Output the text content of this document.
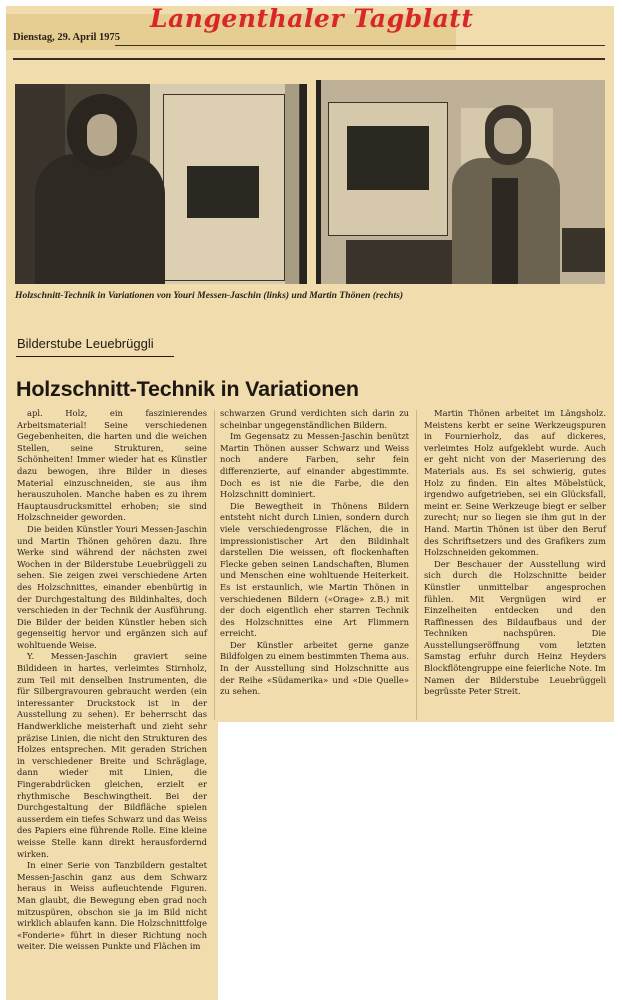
Langenthaler Tagblatt
Dienstag, 29. April 1975
Holzschnitt-Technik in Variationen von Youri Messen-Jaschin (links) und Martin Thönen (rechts)
Bilderstube Leuebrüggli
Holzschnitt-Technik in Variationen

apl. Holz, ein faszinierendes Arbeitsmaterial! Seine verschiedenen Gegebenheiten, die harten und die weichen Stellen, seine Strukturen, seine Schönheiten! Immer wieder hat es Künstler dazu bewogen, ihre Bilder in dieses Material einzuschneiden, sie aus ihm herauszuholen. Manche haben es zu ihrem Hauptausdrucksmittel erhoben; sie sind Holzschneider geworden.

Die beiden Künstler Youri Messen-Jaschin und Martin Thönen gehören dazu. Ihre Werke sind während der nächsten zwei Wochen in der Bilderstube Leuebrüggeli zu sehen. Sie zeigen zwei verschiedene Arten des Holzschnittes, einander ebenbürtig in der Durchgestaltung des Bildinhaltes, doch verschieden in der Technik der Ausführung. Die Bilder der beiden Künstler heben sich gegenseitig hervor und ergänzen sich auf wohltuende Weise.

Y. Messen-Jaschin graviert seine Bildideen in hartes, verleimtes Stirnholz, zum Teil mit denselben Instrumenten, die für Silbergravouren gebraucht werden (ein interessanter Druckstock ist in der Ausstellung zu sehen). Er beherrscht das Handwerkliche meisterhaft und zieht sehr präzise Linien, die nicht den Strukturen des Holzes entsprechen. Mit geraden Strichen in verschiedener Breite und Schräglage, dann wieder mit Linien, die Fingerabdrücken gleichen, erzielt er rhythmische Beschwingtheit. Bei der Durchgestaltung der Bildfläche spielen ausserdem ein tiefes Schwarz und das Weiss des Papiers eine führende Rolle. Eine kleine weisse Stelle kann direkt herausfordernd wirken.

In einer Serie von Tanzbildern gestaltet Messen-Jaschin ganz aus dem Schwarz heraus in Weiss aufleuchtende Figuren. Man glaubt, die Bewegung eben grad noch mitzuspüren, obschon sie ja im Bild nicht wirklich ablaufen kann. Die Holzschnittfolge «Fonderie» führt in dieser Richtung noch weiter. Die weissen Punkte und Flächen im

schwarzen Grund verdichten sich darin zu scheinbar ungegenständlichen Bildern.

Im Gegensatz zu Messen-Jaschin benützt Martin Thönen ausser Schwarz und Weiss noch andere Farben, sehr fein differenzierte, auf einander abgestimmte. Doch es ist nie die Farbe, die den Holzschnitt dominiert.

Die Bewegtheit in Thönens Bildern entsteht nicht durch Linien, sondern durch viele verschiedengrosse Flächen, die in impressionistischer Art den Bildinhalt darstellen Die weissen, oft flockenhaften Flecke geben seinen Landschaften, Blumen und Menschen eine wohltuende Heiterkeit. Es ist erstaunlich, wie Martin Thönen in verschiedenen Bildern («Orage» z.B.) mit der doch eigentlich eher starren Technik des Holzschnittes eine Art Flimmern erreicht.

Der Künstler arbeitet gerne ganze Bildfolgen zu einem bestimmten Thema aus. In der Ausstellung sind Holzschnitte aus der Reihe «Südamerika» und «Die Quelle» zu sehen.

Martin Thönen arbeitet im Längsholz. Meistens kerbt er seine Werkzeugspuren in Fournierholz, das auf dickeres, verleimtes Holz aufgeklebt wurde. Auch er geht nicht von der Maserierung des Materials aus. Es sei schwierig, gutes Holz zu finden. Ein altes Möbelstück, irgendwo aufgetrieben, sei ein Glücksfall, meint er. Seine Werkzeuge biegt er selber zurecht; nur so liegen sie ihm gut in der Hand. Martin Thönen ist über den Beruf des Schriftsetzers und des Grafikers zum Holzschneiden gekommen.

Der Beschauer der Ausstellung wird sich durch die Holzschnitte beider Künstler unmittelbar angesprochen fühlen. Mit Vergnügen wird er Einzelheiten entdecken und den Raffinessen des Bildaufbaus und der Techniken nachspüren. Die Ausstellungseröffnung vom letzten Samstag erfuhr durch Heinz Heyders Blockflötengruppe eine feierliche Note. Im Namen der Bilderstube Leuebrüggeli begrüsste Peter Streit.
